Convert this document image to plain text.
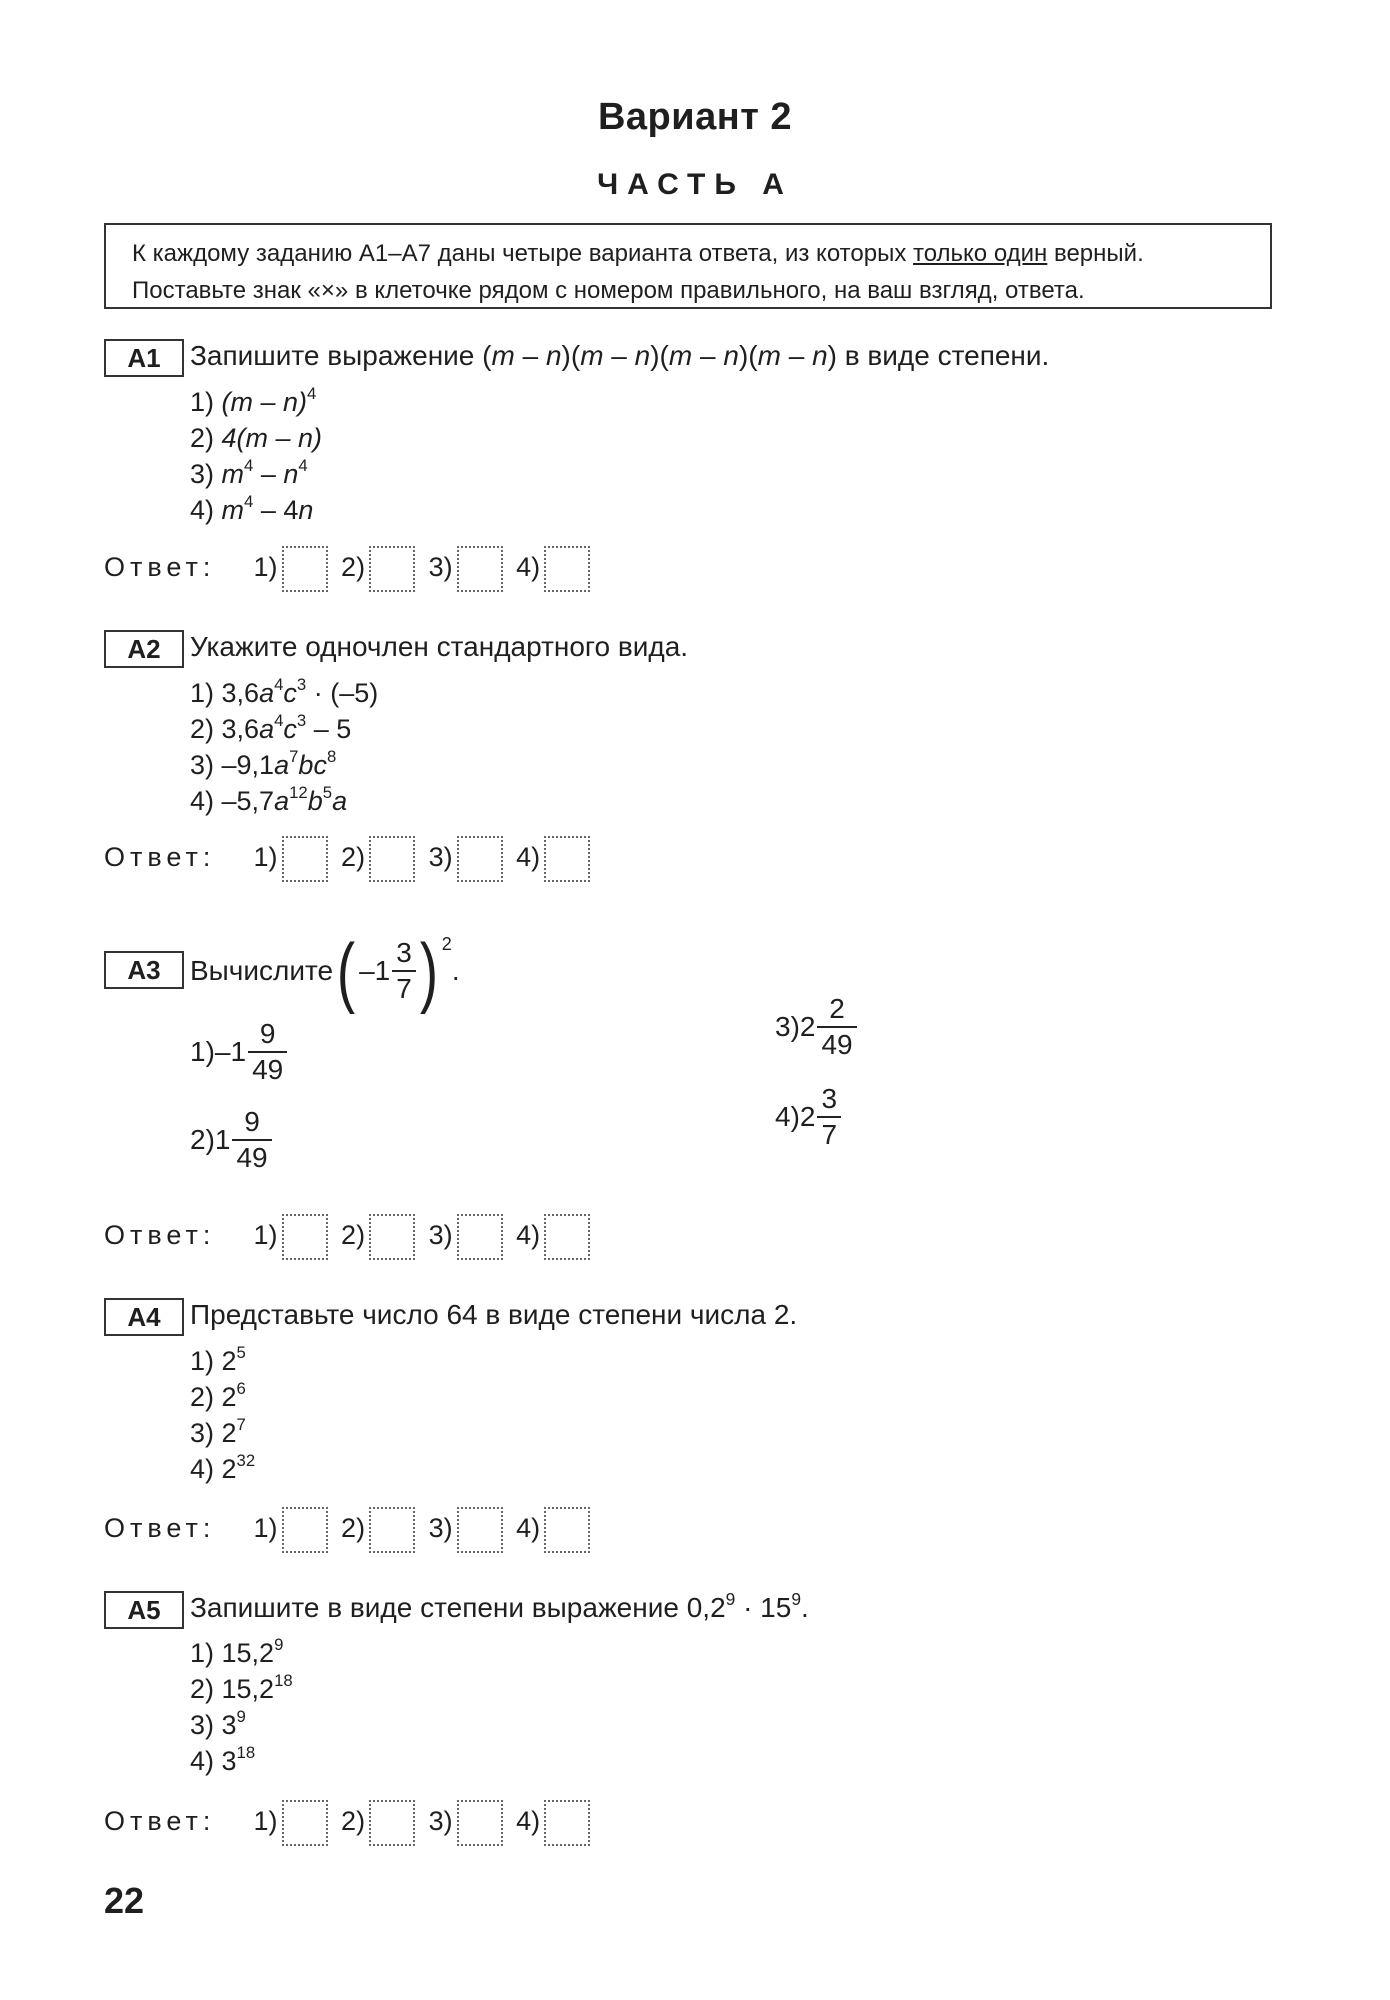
Вариант 2
ЧАСТЬ А
К каждому заданию А1–А7 даны четыре варианта ответа, из которых только один верный.
Поставьте знак «×» в клеточке рядом с номером правильного, на ваш взгляд, ответа.
А1	Запишите выражение (m – n)(m – n)(m – n)(m – n) в виде степени.
1) (m – n)$^4$
2) 4(m – n)
3) $m^4 - n^4$
4) $m^4 - 4n$
Ответ: 1) 2) 3) 4)
А2	Укажите одночлен стандартного вида.
1) $3,6a^4c^3 \cdot (-5)$
2) $3,6a^4c^3 - 5$
3) $-9,1a^7bc^8$
4) $-5,7a^{12}b^5a$
Ответ: 1) 2) 3) 4)
А3	Вычислите ( $-1 \frac{3}{7}$ ) 2
.
1) $-1 \frac{9}{49}$
2) $1 \frac{9}{49}$
3) $2 \frac{2}{49}$
4) $2 \frac{3}{7}$
Ответ: 1) 2) 3) 4)
А4	Представьте число 64 в виде степени числа 2.
1) $2^5$
2) $2^6$
3) $2^7$
4) $2^{32}$
Ответ: 1) 2) 3) 4)
А5	Запишите в виде степени выражение $0,2^9 \cdot 15^9$.
1) 15,2$^9$
2) 15,2$^{18}$
3) $3^9$
4) $3^{18}$
Ответ: 1) 2) 3) 4)
22
